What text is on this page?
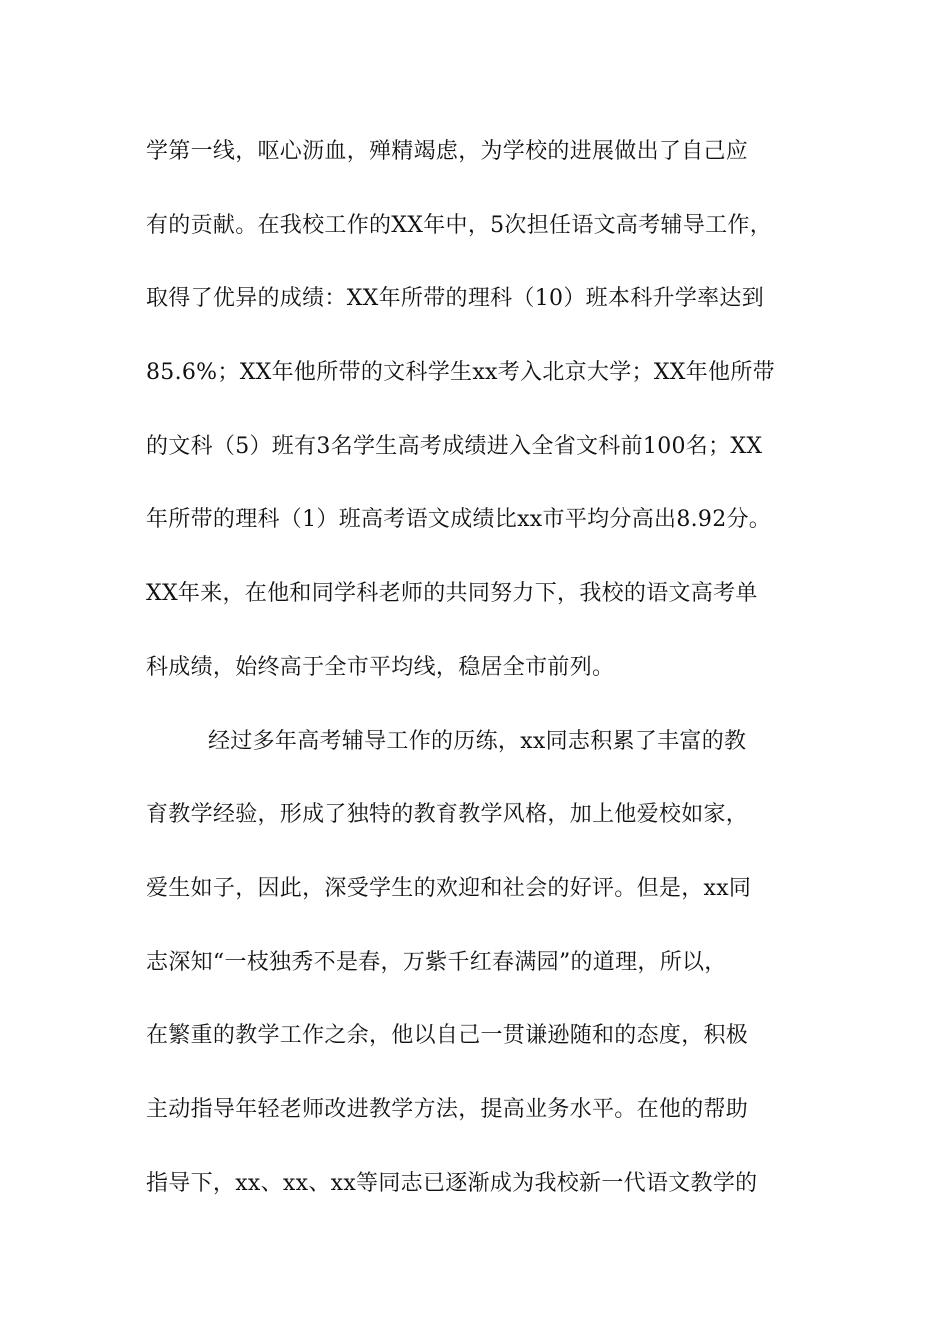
学第一线，呕心沥血，殚精竭虑，为学校的进展做出了自己应
有的贡献。在我校工作的XX年中，5次担任语文高考辅导工作，
取得了优异的成绩：XX年所带的理科（10）班本科升学率达到
85.6%；XX年他所带的文科学生xx考入北京大学；XX年他所带
的文科（5）班有3名学生高考成绩进入全省文科前100名；XX
年所带的理科（1）班高考语文成绩比xx市平均分高出8.92分。
XX年来，在他和同学科老师的共同努力下，我校的语文高考单
科成绩，始终高于全市平均线，稳居全市前列。
经过多年高考辅导工作的历练，xx同志积累了丰富的教
育教学经验，形成了独特的教育教学风格，加上他爱校如家，
爱生如子，因此，深受学生的欢迎和社会的好评。但是，xx同
志深知“一枝独秀不是春，万紫千红春满园”的道理，所以，
在繁重的教学工作之余，他以自己一贯谦逊随和的态度，积极
主动指导年轻老师改进教学方法，提高业务水平。在他的帮助
指导下，xx、xx、xx等同志已逐渐成为我校新一代语文教学的
